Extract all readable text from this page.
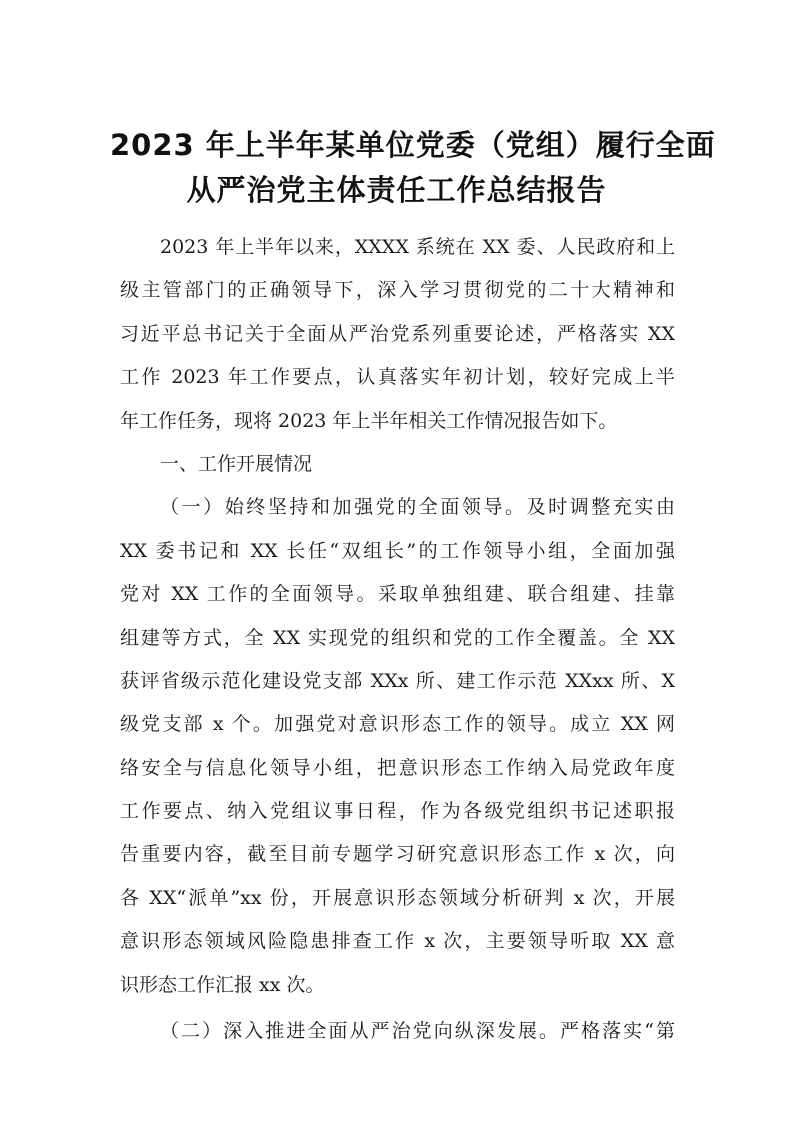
2023 年上半年某单位党委（党组）履行全面
从严治党主体责任工作总结报告
2023 年上半年以来，XXXX 系统在 XX 委、人民政府和上
级主管部门的正确领导下，深入学习贯彻党的二十大精神和
习近平总书记关于全面从严治党系列重要论述，严格落实 XX
工作 2023 年工作要点，认真落实年初计划，较好完成上半
年工作任务，现将 2023 年上半年相关工作情况报告如下。
一、工作开展情况
（一）始终坚持和加强党的全面领导。及时调整充实由
XX 委书记和 XX 长任“双组长”的工作领导小组，全面加强
党对 XX 工作的全面领导。采取单独组建、联合组建、挂靠
组建等方式，全 XX 实现党的组织和党的工作全覆盖。全 XX
获评省级示范化建设党支部 XXx 所、建工作示范 XXxx 所、X
级党支部 x 个。加强党对意识形态工作的领导。成立 XX 网
络安全与信息化领导小组，把意识形态工作纳入局党政年度
工作要点、纳入党组议事日程，作为各级党组织书记述职报
告重要内容，截至目前专题学习研究意识形态工作 x 次，向
各 XX“派单”xx 份，开展意识形态领域分析研判 x 次，开展
意识形态领域风险隐患排查工作 x 次，主要领导听取 XX 意
识形态工作汇报 xx 次。
（二）深入推进全面从严治党向纵深发展。严格落实“第
